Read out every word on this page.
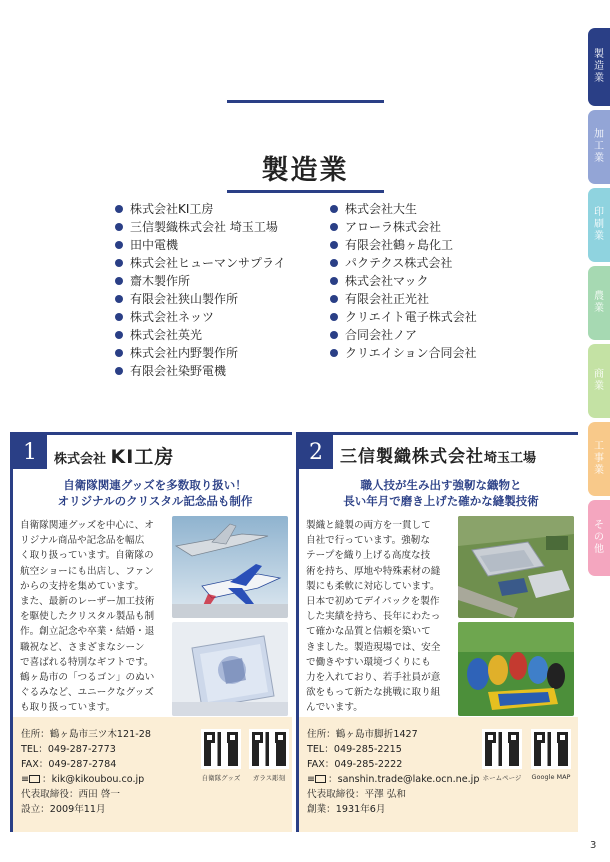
製造業
株式会社KI工房
三信製織株式会社 埼玉工場
田中電機
株式会社ヒューマンサプライ
齋木製作所
有限会社狭山製作所
株式会社ネッツ
株式会社英光
株式会社内野製作所
有限会社染野電機
株式会社大生
アローラ株式会社
有限会社鶴ヶ島化工
パクテクス株式会社
株式会社マック
有限会社正光社
クリエイト電子株式会社
合同会社ノア
クリエイション合同会社
製
造
業
加
工
業
印
刷
業
農
業
商
業
工
事
業
そ
の
他
1	株式会社 KI工房
自衛隊関連グッズを多数取り扱い！
オリジナルのクリスタル記念品も制作
自衛隊関連グッズを中心に、オ
リジナル商品や記念品を幅広
く取り扱っています。自衛隊の
航空ショーにも出店し、ファン
からの支持を集めています。
また、最新のレーザー加工技術
を駆使したクリスタル製品も制
作。創立記念や卒業・結婚・退
職祝など、さまざまなシーン
で喜ばれる特別なギフトです。
鶴ヶ島市の「つるゴン」のぬい
ぐるみなど、ユニークなグッズ
も取り扱っています。
住所：鶴ヶ島市三ツ木121-28
TEL：049-287-2773
FAX：049-287-2784
≡ ：kik@kikoubou.co.jp
代表取締役：西田 啓一
設立：2009年11月
自衛隊グッズ	ガラス彫刻
2	三信製織株式会社埼玉工場
職人技が生み出す強靭な織物と
長い年月で磨き上げた確かな縫製技術
製織と縫製の両方を一貫して
自社で行っています。強靭な
テープを織り上げる高度な技
術を持ち、厚地や特殊素材の縫
製にも柔軟に対応しています。
日本で初めてデイパックを製作
した実績を持ち、長年にわたっ
て確かな品質と信頼を築いて
きました。製造現場では、安全
で働きやすい環境づくりにも
力を入れており、若手社員が意
欲をもって新たな挑戦に取り組
んでいます。
住所：鶴ヶ島市脚折1427
TEL：049-285-2215
FAX：049-285-2222
≡ ：sanshin.trade@lake.ocn.ne.jp
代表取締役：平澤 弘和
創業：1931年6月
ホームページ	Google MAP
3
